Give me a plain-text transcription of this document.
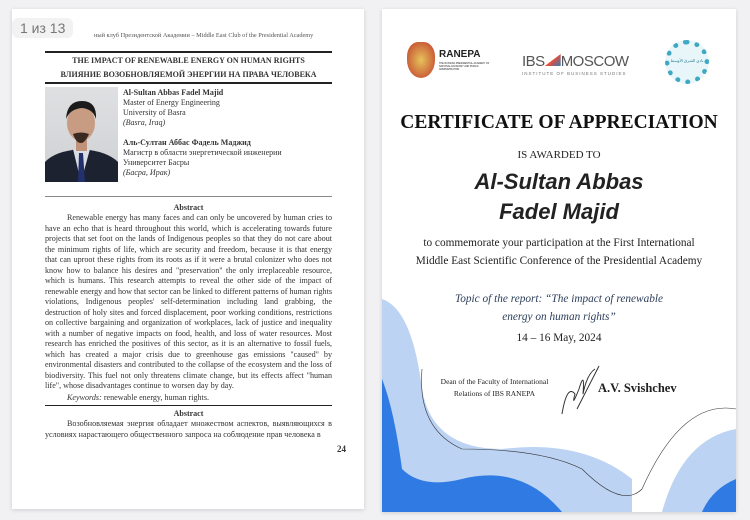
ный клуб Президентской Академии – Middle East Club of the Presidential Academy
THE IMPACT OF RENEWABLE ENERGY ON HUMAN RIGHTS
ВЛИЯНИЕ ВОЗОБНОВЛЯЕМОЙ ЭНЕРГИИ НА ПРАВА ЧЕЛОВЕКА
Al-Sultan Abbas Fadel Majid
Master of Energy Engineering
University of Basra
(Basra, Iraq)
Аль-Султан Аббас Фадель Маджид
Магистр в области энергетической инженерии
Университет Басры
(Басра, Ирак)
Abstract
Renewable energy has many faces and can only be uncovered by human cries to have an echo that is heard throughout this world, which is accelerating towards future projects that set foot on the lands of Indigenous peoples so that they do not care about the minimum rights of life, which are security and freedom, because it is that energy that can uproot these rights from its roots as if it were a brutal colonizer who does not know how to balance his desires and "preservation" the only irreplaceable resource, which is humans. This research attempts to reveal the other side of the impact of renewable energy and how that sector can be linked to different patterns of human rights violations, Indigenous peoples' self-determination including land grabbing, the destruction of holy sites and forced displacement, poor working conditions, restrictions on collective bargaining and organization of workplaces, lack of justice and inequality with a number of negative impacts on food, health, and loss of water resources. Most research has enriched the positives of this sector, as it is an alternative to fossil fuels, which has created a major crisis due to greenhouse gas emissions "caused" by environmental disasters and contributed to the collapse of the ecosystem and the loss of biodiversity. This fuel not only threatens climate change, but its effects affect "human life", whose disadvantages continue to worsen day by day.
Keywords: renewable energy, human rights.
Abstract
Возобновляемая энергия обладает множеством аспектов, выявляющихся в условиях нарастающего общественного запроса на соблюдение прав человека в
24
1 из 13
RANEPA
THE RUSSIAN PRESIDENTIAL ACADEMY OF NATIONAL ECONOMY AND PUBLIC ADMINISTRATION	IBS MOSCOW
INSTITUTE OF BUSINESS STUDIES
نادي الشرق الأوسط
CERTIFICATE OF APPRECIATION
IS AWARDED TO
Al-Sultan Abbas
Fadel Majid
to commemorate your participation at the First International
Middle East Scientific Conference of the Presidential Academy
Topic of the report: “The impact of renewable
energy on human rights”
14 – 16 May, 2024
Dean of the Faculty of International
Relations of IBS RANEPA	A.V. Svishchev
